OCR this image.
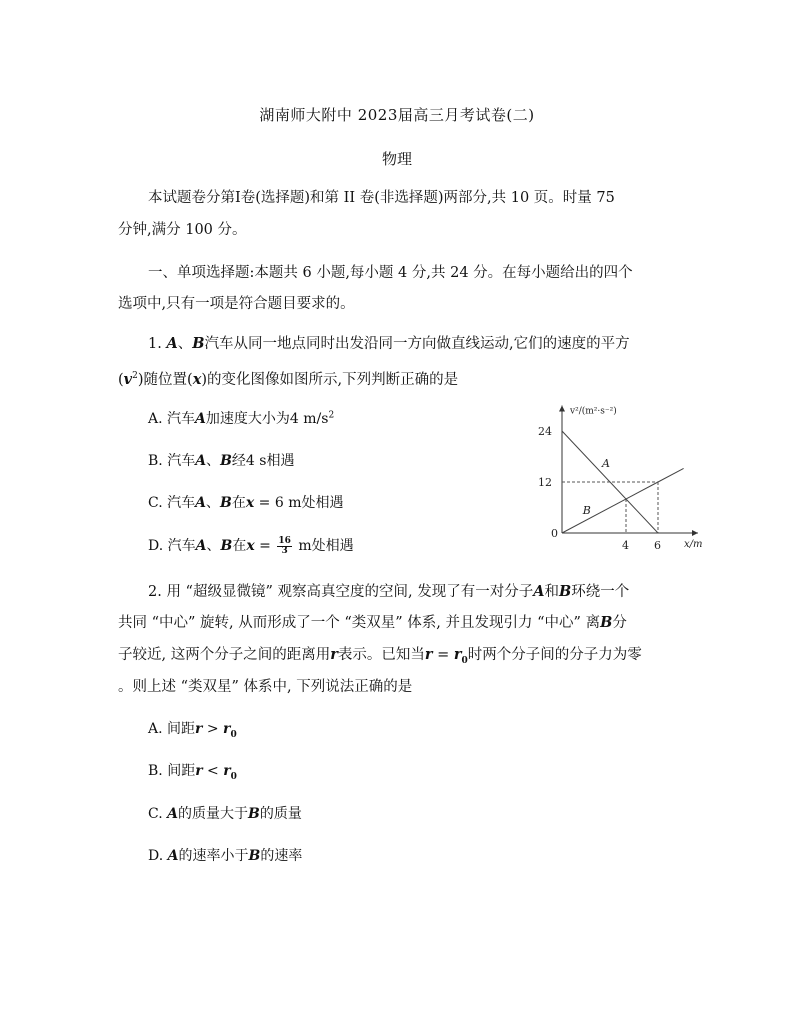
湖南师大附中 2023届高三月考试卷(二)
物理
本试题卷分第Ⅰ卷(选择题)和第 II 卷(非选择题)两部分,共 10 页。时量 75
分钟,满分 100 分。
一、单项选择题:本题共 6 小题,每小题 4 分,共 24 分。在每小题给出的四个
选项中,只有一项是符合题目要求的。
1. A、B汽车从同一地点同时出发沿同一方向做直线运动,它们的速度的平方
$(v^2)$随位置(x)的变化图像如图所示,下列判断正确的是
A. 汽车A加速度大小为4 $m/s^2$
B. 汽车A、B经4 s相遇
C. 汽车A、B在x = 6 m处相遇
D. 汽车A、B在$x = \frac{16}{3}$ m处相遇
v²/(m²·s⁻²)
x/m
0
A
B
4 6
24
12
2. 用 “超级显微镜” 观察高真空度的空间, 发现了有一对分子A和B环绕一个
共同 “中心” 旋转, 从而形成了一个 “类双星” 体系, 并且发现引力 “中心” 离B分
子较近, 这两个分子之间的距离用r表示。已知当$r = r_0$时两个分子间的分子力为零
。则上述 “类双星” 体系中, 下列说法正确的是
A. 间距$r > r_0$
B. 间距$r < r_0$
C. A的质量大于B的质量
D. A的速率小于B的速率
